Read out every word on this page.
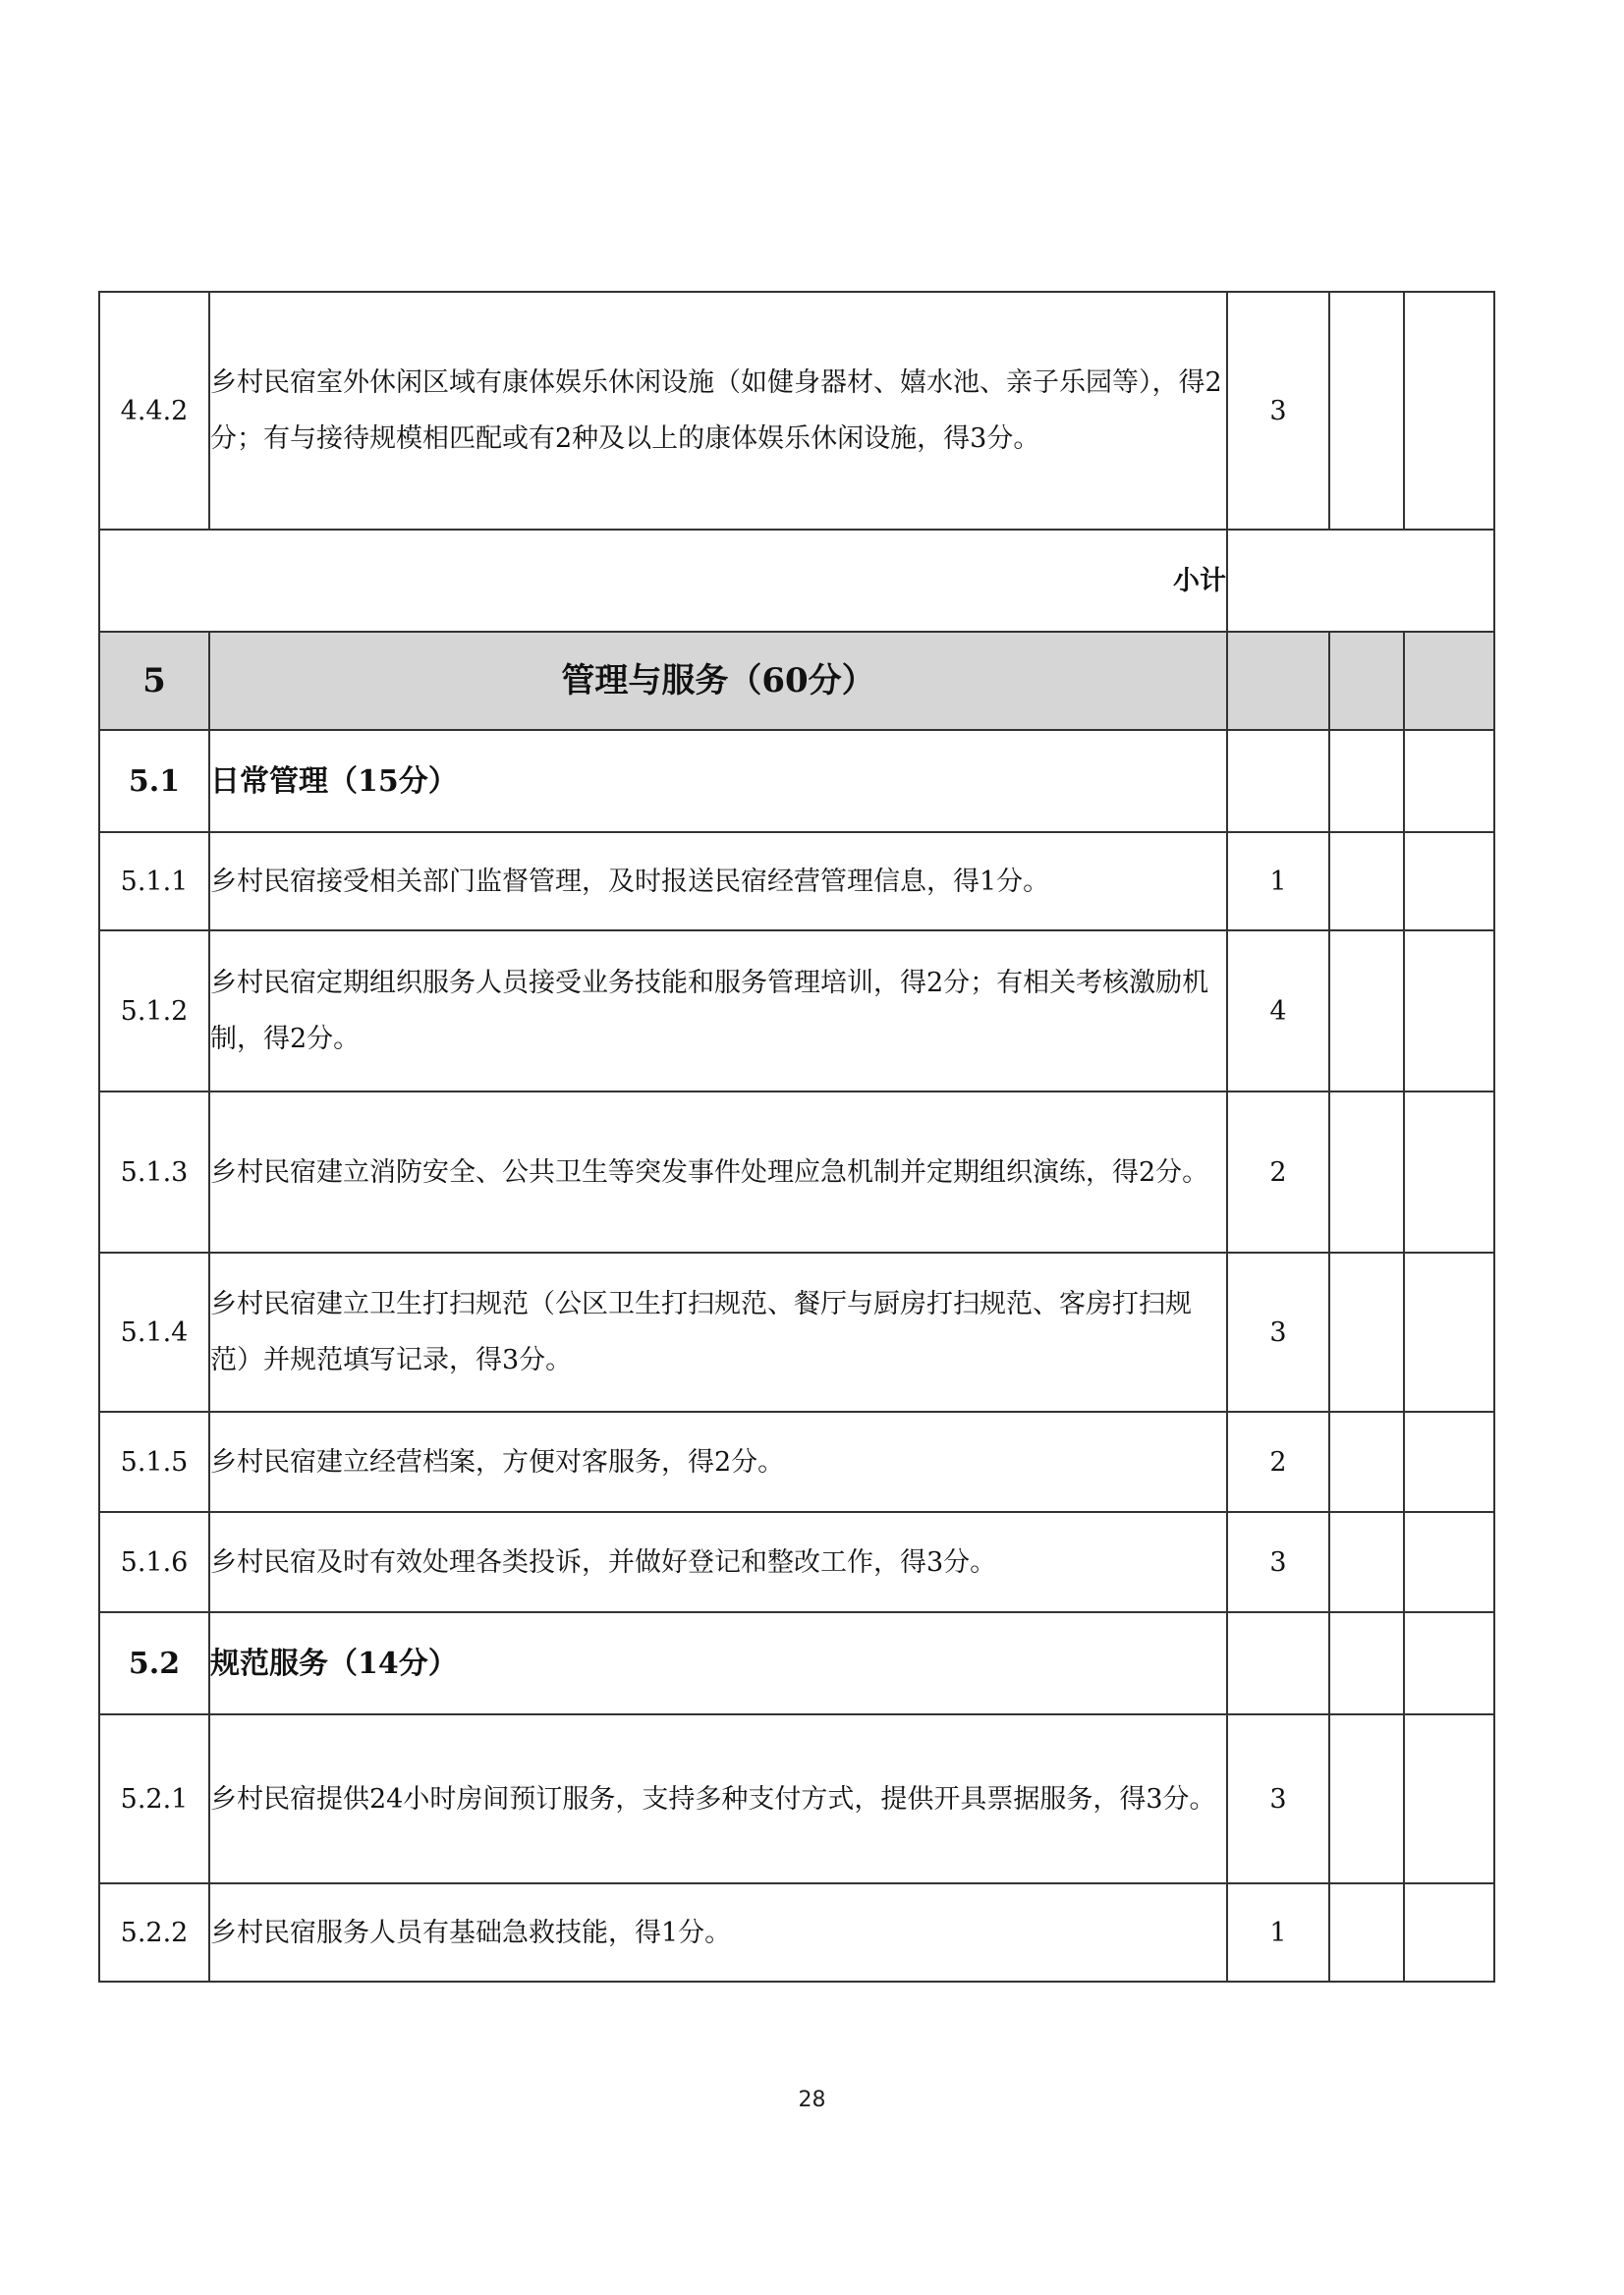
4.4.2	乡村民宿室外休闲区域有康体娱乐休闲设施（如健身器材、嬉水池、亲子乐园等），得2分；有与接待规模相匹配或有2种及以上的康体娱乐休闲设施，得3分。	3		
小计				
5	管理与服务（60分）			
5.1	日常管理（15分）			
5.1.1	乡村民宿接受相关部门监督管理，及时报送民宿经营管理信息，得1分。	1		
5.1.2	乡村民宿定期组织服务人员接受业务技能和服务管理培训，得2分；有相关考核激励机制，得2分。	4		
5.1.3	乡村民宿建立消防安全、公共卫生等突发事件处理应急机制并定期组织演练，得2分。	2		
5.1.4	乡村民宿建立卫生打扫规范（公区卫生打扫规范、餐厅与厨房打扫规范、客房打扫规范）并规范填写记录，得3分。	3		
5.1.5	乡村民宿建立经营档案，方便对客服务，得2分。	2		
5.1.6	乡村民宿及时有效处理各类投诉，并做好登记和整改工作，得3分。	3		
5.2	规范服务（14分）			
5.2.1	乡村民宿提供24小时房间预订服务，支持多种支付方式，提供开具票据服务，得3分。	3		
5.2.2	乡村民宿服务人员有基础急救技能，得1分。	1		
28
